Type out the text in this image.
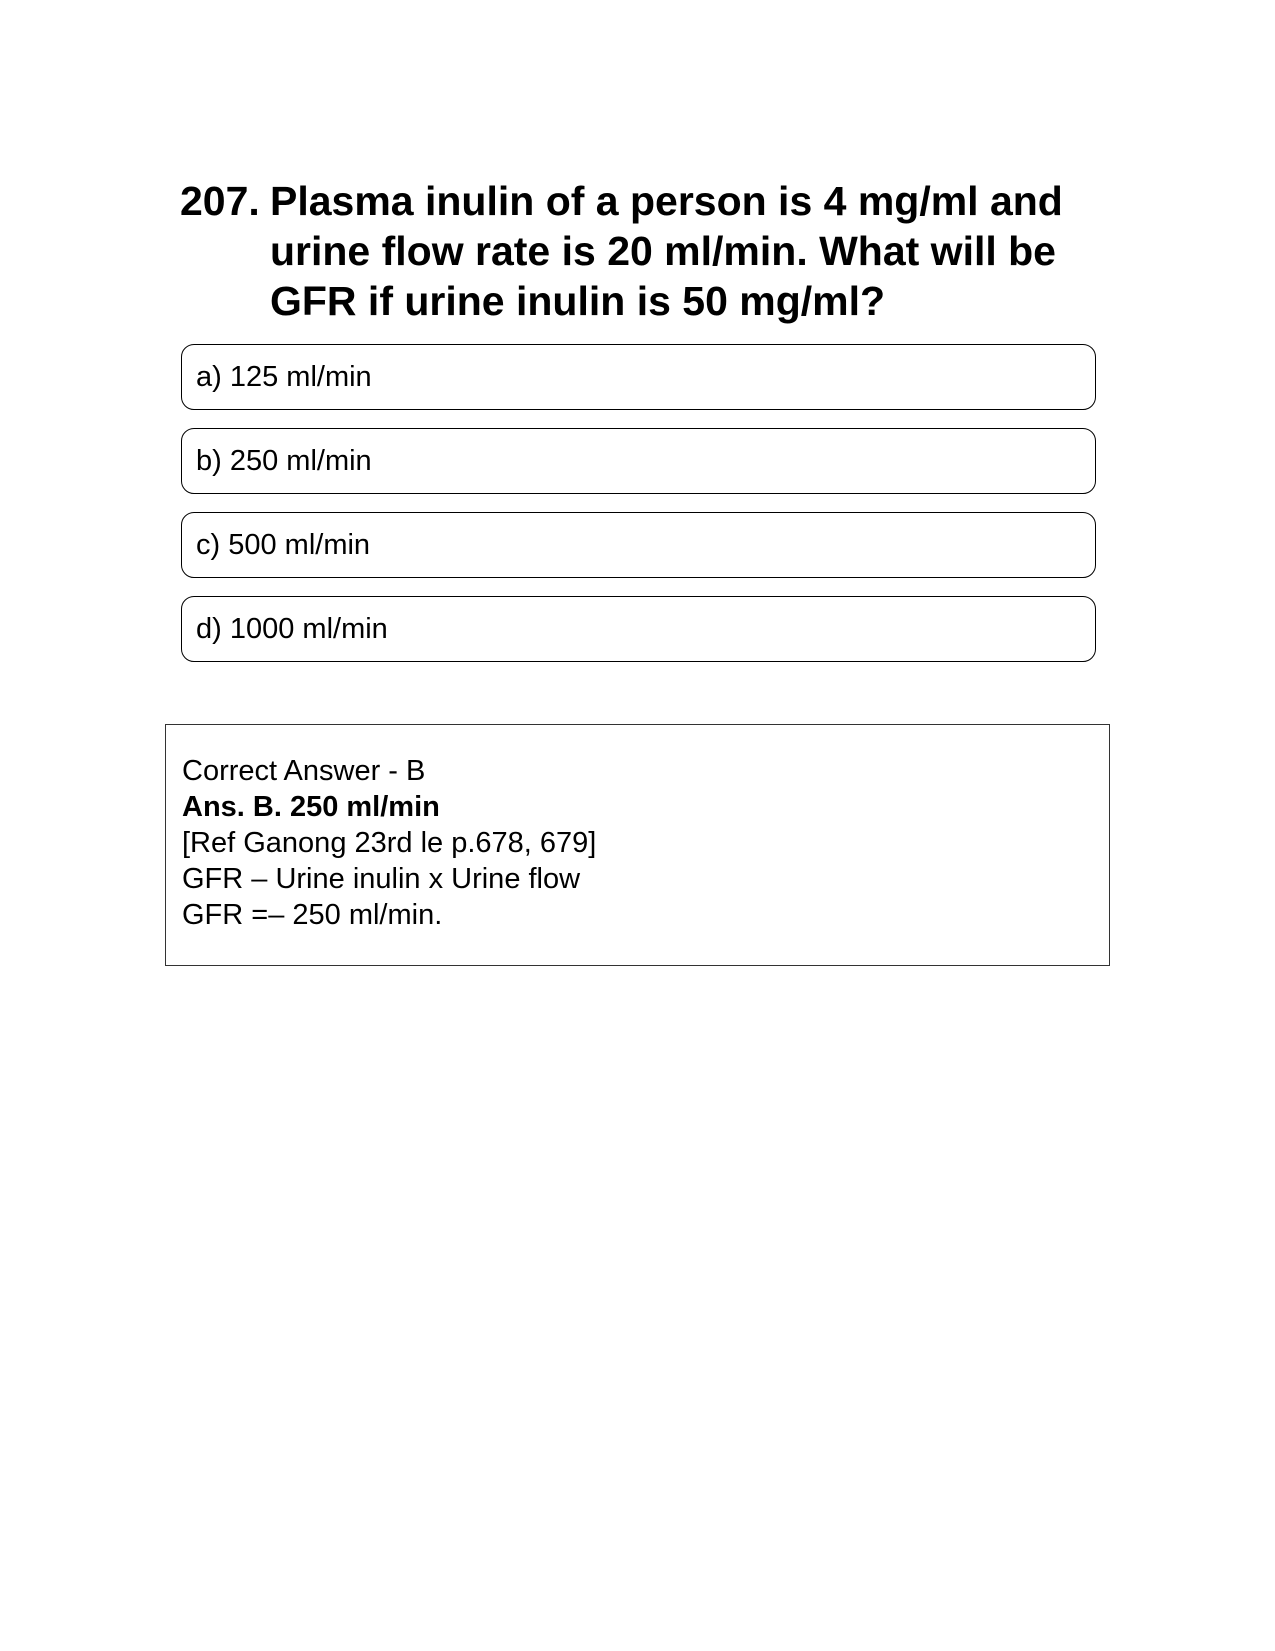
207. Plasma inulin of a person is 4 mg/ml and urine flow rate is 20 ml/min. What will be GFR if urine inulin is 50 mg/ml?
a) 125 ml/min
b) 250 ml/min
c) 500 ml/min
d) 1000 ml/min
Correct Answer - B
Ans. B. 250 ml/min
[Ref Ganong 23rd le p.678, 679]
GFR – Urine inulin x Urine flow
GFR =– 250 ml/min.
